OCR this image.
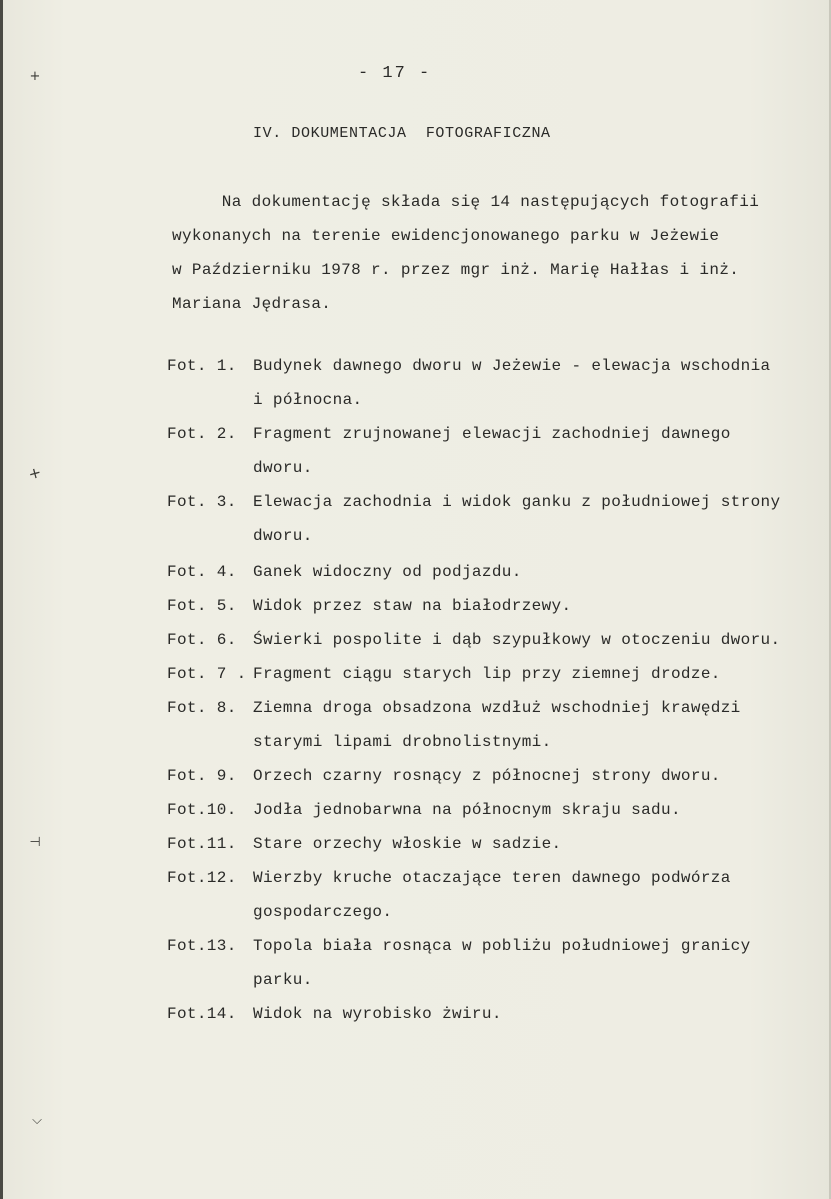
+
✕
⊣
⌵
- 17 -
IV. DOKUMENTACJA  FOTOGRAFICZNA
Na dokumentację składa się 14 następujących fotografii
wykonanych na terenie ewidencjonowanego parku w Jeżewie
w Październiku 1978 r. przez mgr inż. Marię Hałłas i inż.
Mariana Jędrasa.
Fot. 1. Budynek dawnego dworu w Jeżewie - elewacja wschodnia
i północna.
Fot. 2. Fragment zrujnowanej elewacji zachodniej dawnego
dworu.
Fot. 3. Elewacja zachodnia i widok ganku z południowej strony
dworu.
Fot. 4. Ganek widoczny od podjazdu.
Fot. 5. Widok przez staw na białodrzewy.
Fot. 6. Świerki pospolite i dąb szypułkowy w otoczeniu dworu.
Fot. 7 . Fragment ciągu starych lip przy ziemnej drodze.
Fot. 8. Ziemna droga obsadzona wzdłuż wschodniej krawędzi
starymi lipami drobnolistnymi.
Fot. 9. Orzech czarny rosnący z północnej strony dworu.
Fot.10. Jodła jednobarwna na północnym skraju sadu.
Fot.11. Stare orzechy włoskie w sadzie.
Fot.12. Wierzby kruche otaczające teren dawnego podwórza
gospodarczego.
Fot.13. Topola biała rosnąca w pobliżu południowej granicy
parku.
Fot.14. Widok na wyrobisko żwiru.
